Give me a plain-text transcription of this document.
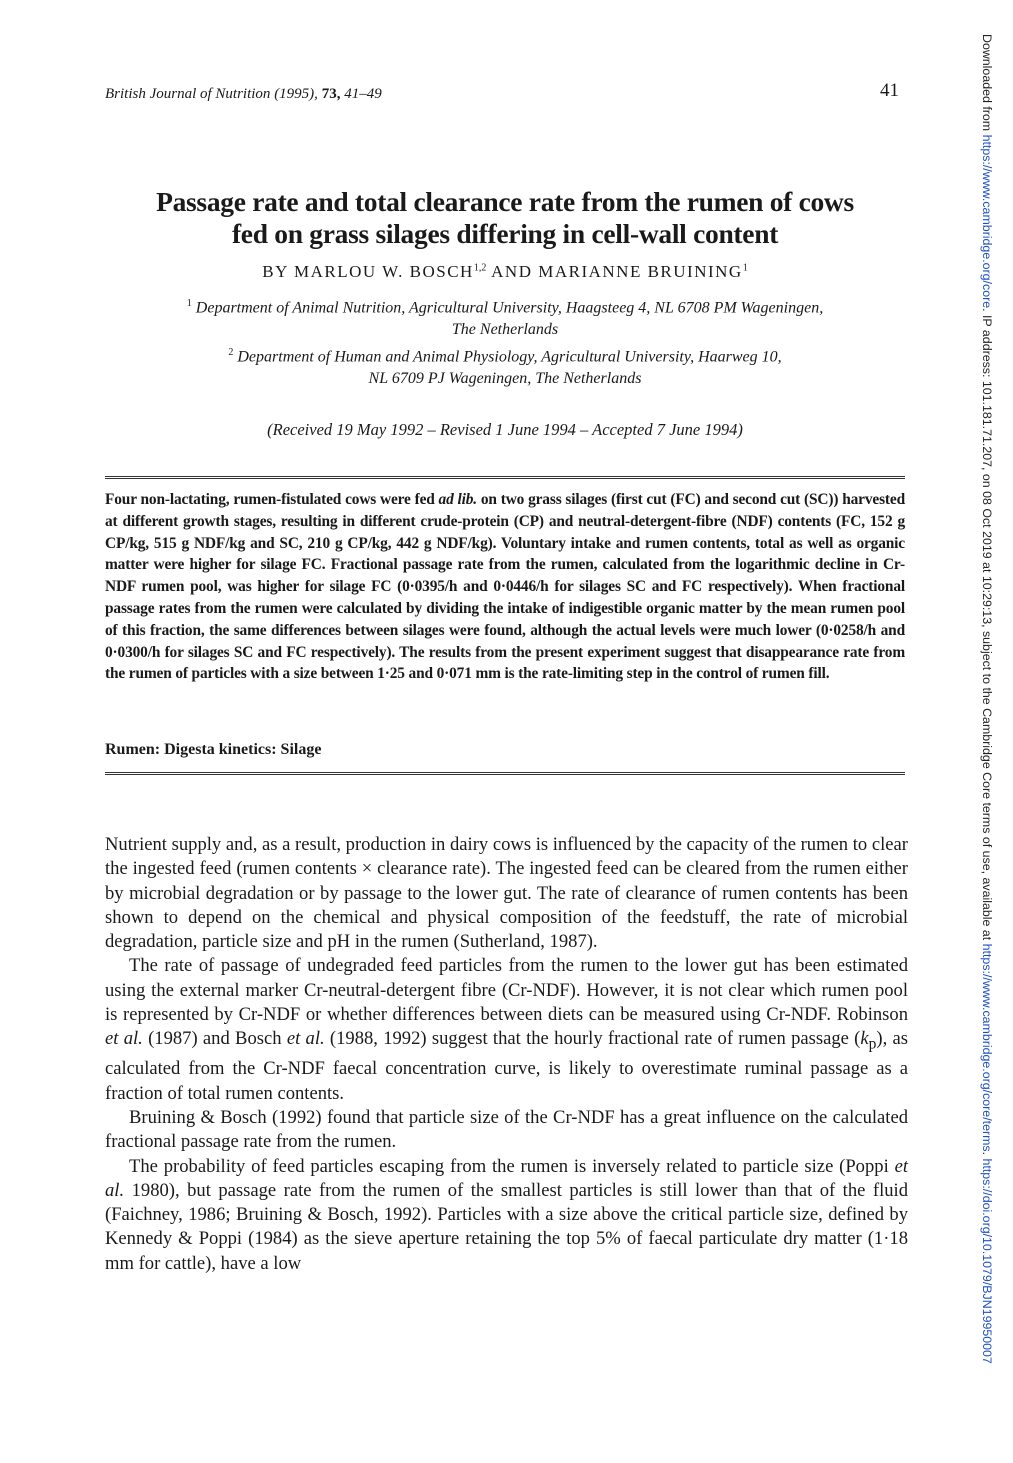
British Journal of Nutrition (1995), 73, 41–49	41	Downloaded from https://www.cambridge.org/core. IP address: 101.181.71.207, on 08 Oct 2019 at 10:29:13, subject to the Cambridge Core terms of use, available at https://www.cambridge.org/core/terms. https://doi.org/10.1079/BJN19950007
Passage rate and total clearance rate from the rumen of cows
fed on grass silages differing in cell-wall content
BY MARLOU W. BOSCH$^{1,2}$ AND MARIANNE BRUINING$^1$
$^1$ Department of Animal Nutrition, Agricultural University, Haagsteeg 4, NL 6708 PM Wageningen,
The Netherlands
$^2$ Department of Human and Animal Physiology, Agricultural University, Haarweg 10,
NL 6709 PJ Wageningen, The Netherlands
(Received 19 May 1992 – Revised 1 June 1994 – Accepted 7 June 1994)
Four non-lactating, rumen-fistulated cows were fed ad lib. on two grass silages (first cut (FC) and second cut (SC)) harvested at different growth stages, resulting in different crude-protein (CP) and neutral-detergent-fibre (NDF) contents (FC, 152 g CP/kg, 515 g NDF/kg and SC, 210 g CP/kg, 442 g NDF/kg). Voluntary intake and rumen contents, total as well as organic matter were higher for silage FC. Fractional passage rate from the rumen, calculated from the logarithmic decline in Cr-NDF rumen pool, was higher for silage FC (0·0395/h and 0·0446/h for silages SC and FC respectively). When fractional passage rates from the rumen were calculated by dividing the intake of indigestible organic matter by the mean rumen pool of this fraction, the same differences between silages were found, although the actual levels were much lower (0·0258/h and 0·0300/h for silages SC and FC respectively). The results from the present experiment suggest that disappearance rate from the rumen of particles with a size between 1·25 and 0·071 mm is the rate-limiting step in the control of rumen fill.
Rumen: Digesta kinetics: Silage

Nutrient supply and, as a result, production in dairy cows is influenced by the capacity of the rumen to clear the ingested feed (rumen contents × clearance rate). The ingested feed can be cleared from the rumen either by microbial degradation or by passage to the lower gut. The rate of clearance of rumen contents has been shown to depend on the chemical and physical composition of the feedstuff, the rate of microbial degradation, particle size and pH in the rumen (Sutherland, 1987).

The rate of passage of undegraded feed particles from the rumen to the lower gut has been estimated using the external marker Cr-neutral-detergent fibre (Cr-NDF). However, it is not clear which rumen pool is represented by Cr-NDF or whether differences between diets can be measured using Cr-NDF. Robinson et al. (1987) and Bosch et al. (1988, 1992) suggest that the hourly fractional rate of rumen passage $(k_p)$, as calculated from the Cr-NDF faecal concentration curve, is likely to overestimate ruminal passage as a fraction of total rumen contents.

Bruining & Bosch (1992) found that particle size of the Cr-NDF has a great influence on the calculated fractional passage rate from the rumen.

The probability of feed particles escaping from the rumen is inversely related to particle size (Poppi et al. 1980), but passage rate from the rumen of the smallest particles is still lower than that of the fluid (Faichney, 1986; Bruining & Bosch, 1992). Particles with a size above the critical particle size, defined by Kennedy & Poppi (1984) as the sieve aperture retaining the top 5% of faecal particulate dry matter (1·18 mm for cattle), have a low
